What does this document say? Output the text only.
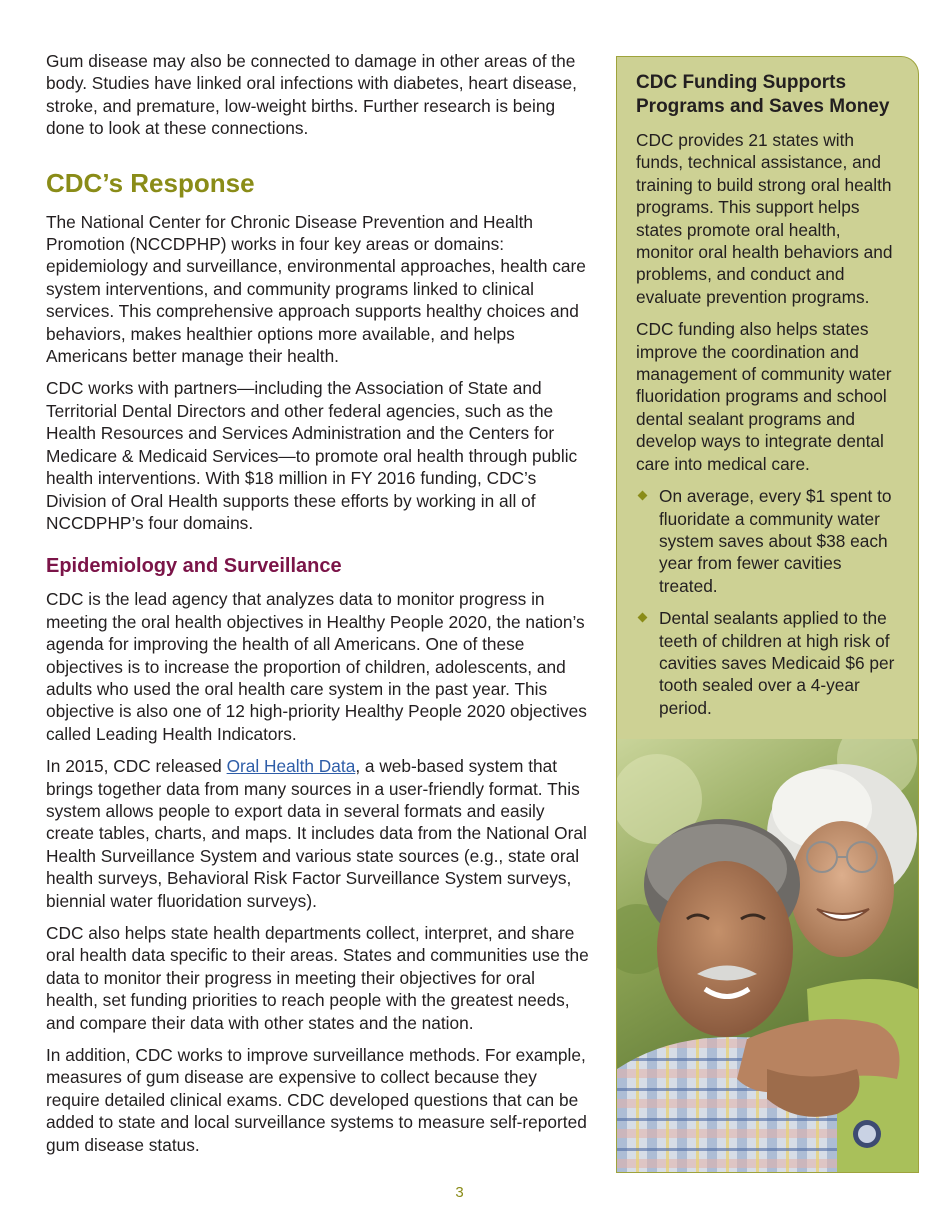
Gum disease may also be connected to damage in other areas of the body. Studies have linked oral infections with diabetes, heart disease, stroke, and premature, low-weight births. Further research is being done to look at these connections.

CDC’s Response

The National Center for Chronic Disease Prevention and Health Promotion (NCCDPHP) works in four key areas or domains: epidemiology and surveillance, environmental approaches, health care system interventions, and community programs linked to clinical services. This comprehensive approach supports healthy choices and behaviors, makes healthier options more available, and helps Americans better manage their health.

CDC works with partners—including the Association of State and Territorial Dental Directors and other federal agencies, such as the Health Resources and Services Administration and the Centers for Medicare & Medicaid Services—to promote oral health through public health interventions. With $18 million in FY 2016 funding, CDC’s Division of Oral Health supports these efforts by working in all of NCCDPHP’s four domains.

Epidemiology and Surveillance

CDC is the lead agency that analyzes data to monitor progress in meeting the oral health objectives in Healthy People 2020, the nation’s agenda for improving the health of all Americans. One of these objectives is to increase the proportion of children, adolescents, and adults who used the oral health care system in the past year. This objective is also one of 12 high-priority Healthy People 2020 objectives called Leading Health Indicators.

In 2015, CDC released Oral Health Data, a web-based system that brings together data from many sources in a user-friendly format. This system allows people to export data in several formats and easily create tables, charts, and maps. It includes data from the National Oral Health Surveillance System and various state sources (e.g., state oral health surveys, Behavioral Risk Factor Surveillance System surveys, biennial water fluoridation surveys).

CDC also helps state health departments collect, interpret, and share oral health data specific to their areas. States and communities use the data to monitor their progress in meeting their objectives for oral health, set funding priorities to reach people with the greatest needs, and compare their data with other states and the nation.

In addition, CDC works to improve surveillance methods. For example, measures of gum disease are expensive to collect because they require detailed clinical exams. CDC developed questions that can be added to state and local surveillance systems to measure self-reported gum disease status.

CDC Funding Supports Programs and Saves Money

CDC provides 21 states with funds, technical assistance, and training to build strong oral health programs. This support helps states promote oral health, monitor oral health behaviors and problems, and conduct and evaluate prevention programs.

CDC funding also helps states improve the coordination and management of community water fluoridation programs and school dental sealant programs and develop ways to integrate dental care into medical care.

On average, every $1 spent to fluoridate a community water system saves about $38 each year from fewer cavities treated.
Dental sealants applied to the teeth of children at high risk of cavities saves Medicaid $6 per tooth sealed over a 4-year period.
3
